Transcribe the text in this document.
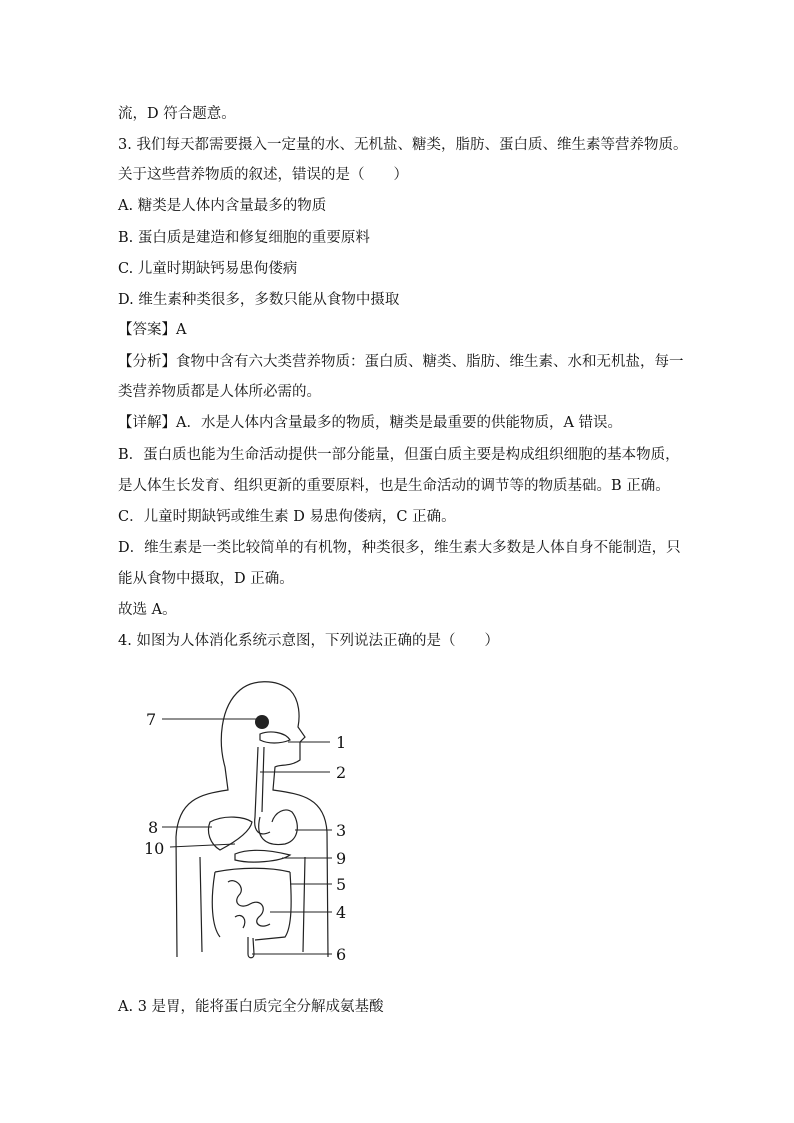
流，D 符合题意。
3. 我们每天都需要摄入一定量的水、无机盐、糖类，脂肪、蛋白质、维生素等营养物质。
关于这些营养物质的叙述，错误的是（　　）
A. 糖类是人体内含量最多的物质
B. 蛋白质是建造和修复细胞的重要原料
C. 儿童时期缺钙易患佝偻病
D. 维生素种类很多，多数只能从食物中摄取
【答案】A
【分析】食物中含有六大类营养物质：蛋白质、糖类、脂肪、维生素、水和无机盐，每一
类营养物质都是人体所必需的。
【详解】A．水是人体内含量最多的物质，糖类是最重要的供能物质，A 错误。
B．蛋白质也能为生命活动提供一部分能量，但蛋白质主要是构成组织细胞的基本物质，
是人体生长发育、组织更新的重要原料，也是生命活动的调节等的物质基础。B 正确。
C．儿童时期缺钙或维生素 D 易患佝偻病，C 正确。
D．维生素是一类比较简单的有机物，种类很多，维生素大多数是人体自身不能制造，只
能从食物中摄取，D 正确。
故选 A。
4. 如图为人体消化系统示意图，下列说法正确的是（　　）
7
1
2
8
10
3
9
5
4
6
A. 3 是胃，能将蛋白质完全分解成氨基酸
